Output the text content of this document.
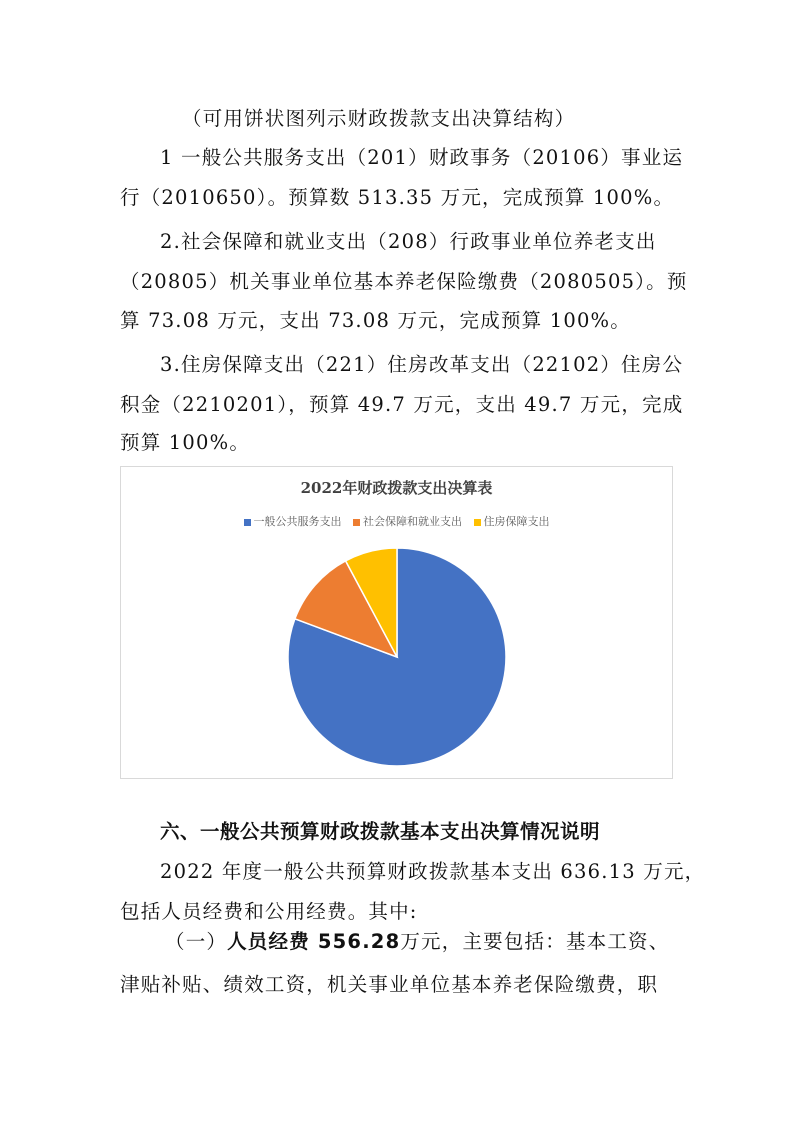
（可用饼状图列示财政拨款支出决算结构）
1 一般公共服务支出（201）财政事务（20106）事业运
行（2010650）。预算数 513.35 万元，完成预算 100%。
2.社会保障和就业支出（208）行政事业单位养老支出
（20805）机关事业单位基本养老保险缴费（2080505）。预
算 73.08 万元，支出 73.08 万元，完成预算 100%。
3.住房保障支出（221）住房改革支出（22102）住房公
积金（2210201），预算 49.7 万元，支出 49.7 万元，完成
预算 100%。
2022年财政拨款支出决算表
一般公共服务支出 社会保障和就业支出 住房保障支出
六、一般公共预算财政拨款基本支出决算情况说明
2022 年度一般公共预算财政拨款基本支出 636.13 万元，
包括人员经费和公用经费。其中:
（一）人员经费 556.28万元，主要包括：基本工资、
津贴补贴、绩效工资，机关事业单位基本养老保险缴费，职
